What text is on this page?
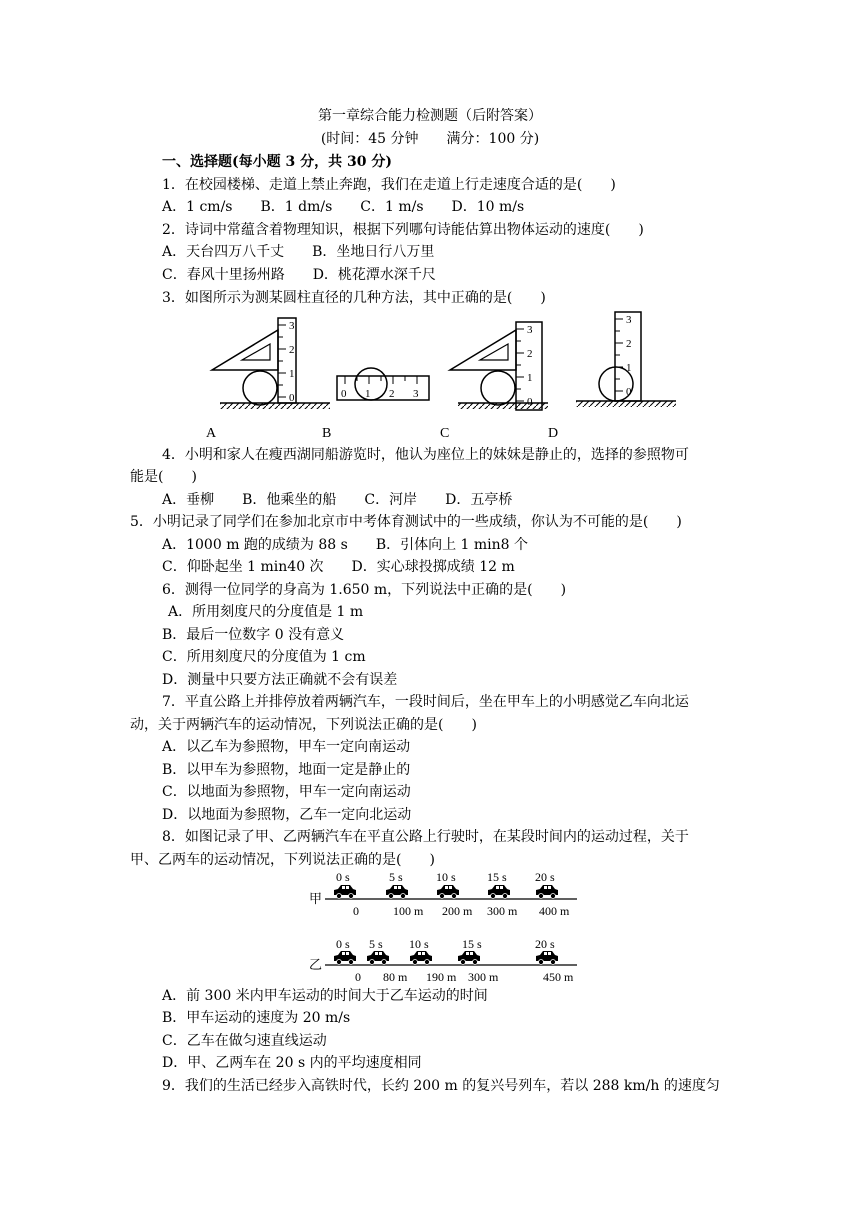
第一章综合能力检测题（后附答案）
(时间：45 分钟　　满分：100 分)
一、选择题(每小题 3 分，共 30 分)
1．在校园楼梯、走道上禁止奔跑，我们在走道上行走速度合适的是(　　)
A．1 cm/s　　B．1 dm/s　　C．1 m/s　　D．10 m/s
2．诗词中常蕴含着物理知识，根据下列哪句诗能估算出物体运动的速度(　　)
A．天台四万八千丈　　B．坐地日行八万里
C．春风十里扬州路　　D．桃花潭水深千尺
3．如图所示为测某圆柱直径的几种方法，其中正确的是(　　)
3
2
1
0
A
0 1 2 3
B
3
2
1
0
C
3
2
1
0
D
4．小明和家人在瘦西湖同船游览时，他认为座位上的妹妹是静止的，选择的参照物可
能是(　　)
A．垂柳　　B．他乘坐的船　　C．河岸　　D．五亭桥
5．小明记录了同学们在参加北京市中考体育测试中的一些成绩，你认为不可能的是(　　)
A．1000 m 跑的成绩为 88 s　　B．引体向上 1 min8 个
C．仰卧起坐 1 min40 次　　D．实心球投掷成绩 12 m
6．测得一位同学的身高为 1.650 m，下列说法中正确的是(　　)
A．所用刻度尺的分度值是 1 m
B．最后一位数字 0 没有意义
C．所用刻度尺的分度值为 1 cm
D．测量中只要方法正确就不会有误差
7．平直公路上并排停放着两辆汽车，一段时间后，坐在甲车上的小明感觉乙车向北运
动，关于两辆汽车的运动情况，下列说法正确的是(　　)
A．以乙车为参照物，甲车一定向南运动
B．以甲车为参照物，地面一定是静止的
C．以地面为参照物，甲车一定向南运动
D．以地面为参照物，乙车一定向北运动
8．如图记录了甲、乙两辆汽车在平直公路上行驶时，在某段时间内的运动过程，关于
甲、乙两车的运动情况，下列说法正确的是(　　)
甲
0 s	5 s	10 s	15 s 20 s
0	100 m 200 m 300 m 400 m
乙
0 s 5 s 10 s	15 s	20 s
0 80 m 190 m 300 m	450 m
A．前 300 米内甲车运动的时间大于乙车运动的时间
B．甲车运动的速度为 20 m/s
C．乙车在做匀速直线运动
D．甲、乙两车在 20 s 内的平均速度相同
9．我们的生活已经步入高铁时代，长约 200 m 的复兴号列车，若以 288 km/h 的速度匀
